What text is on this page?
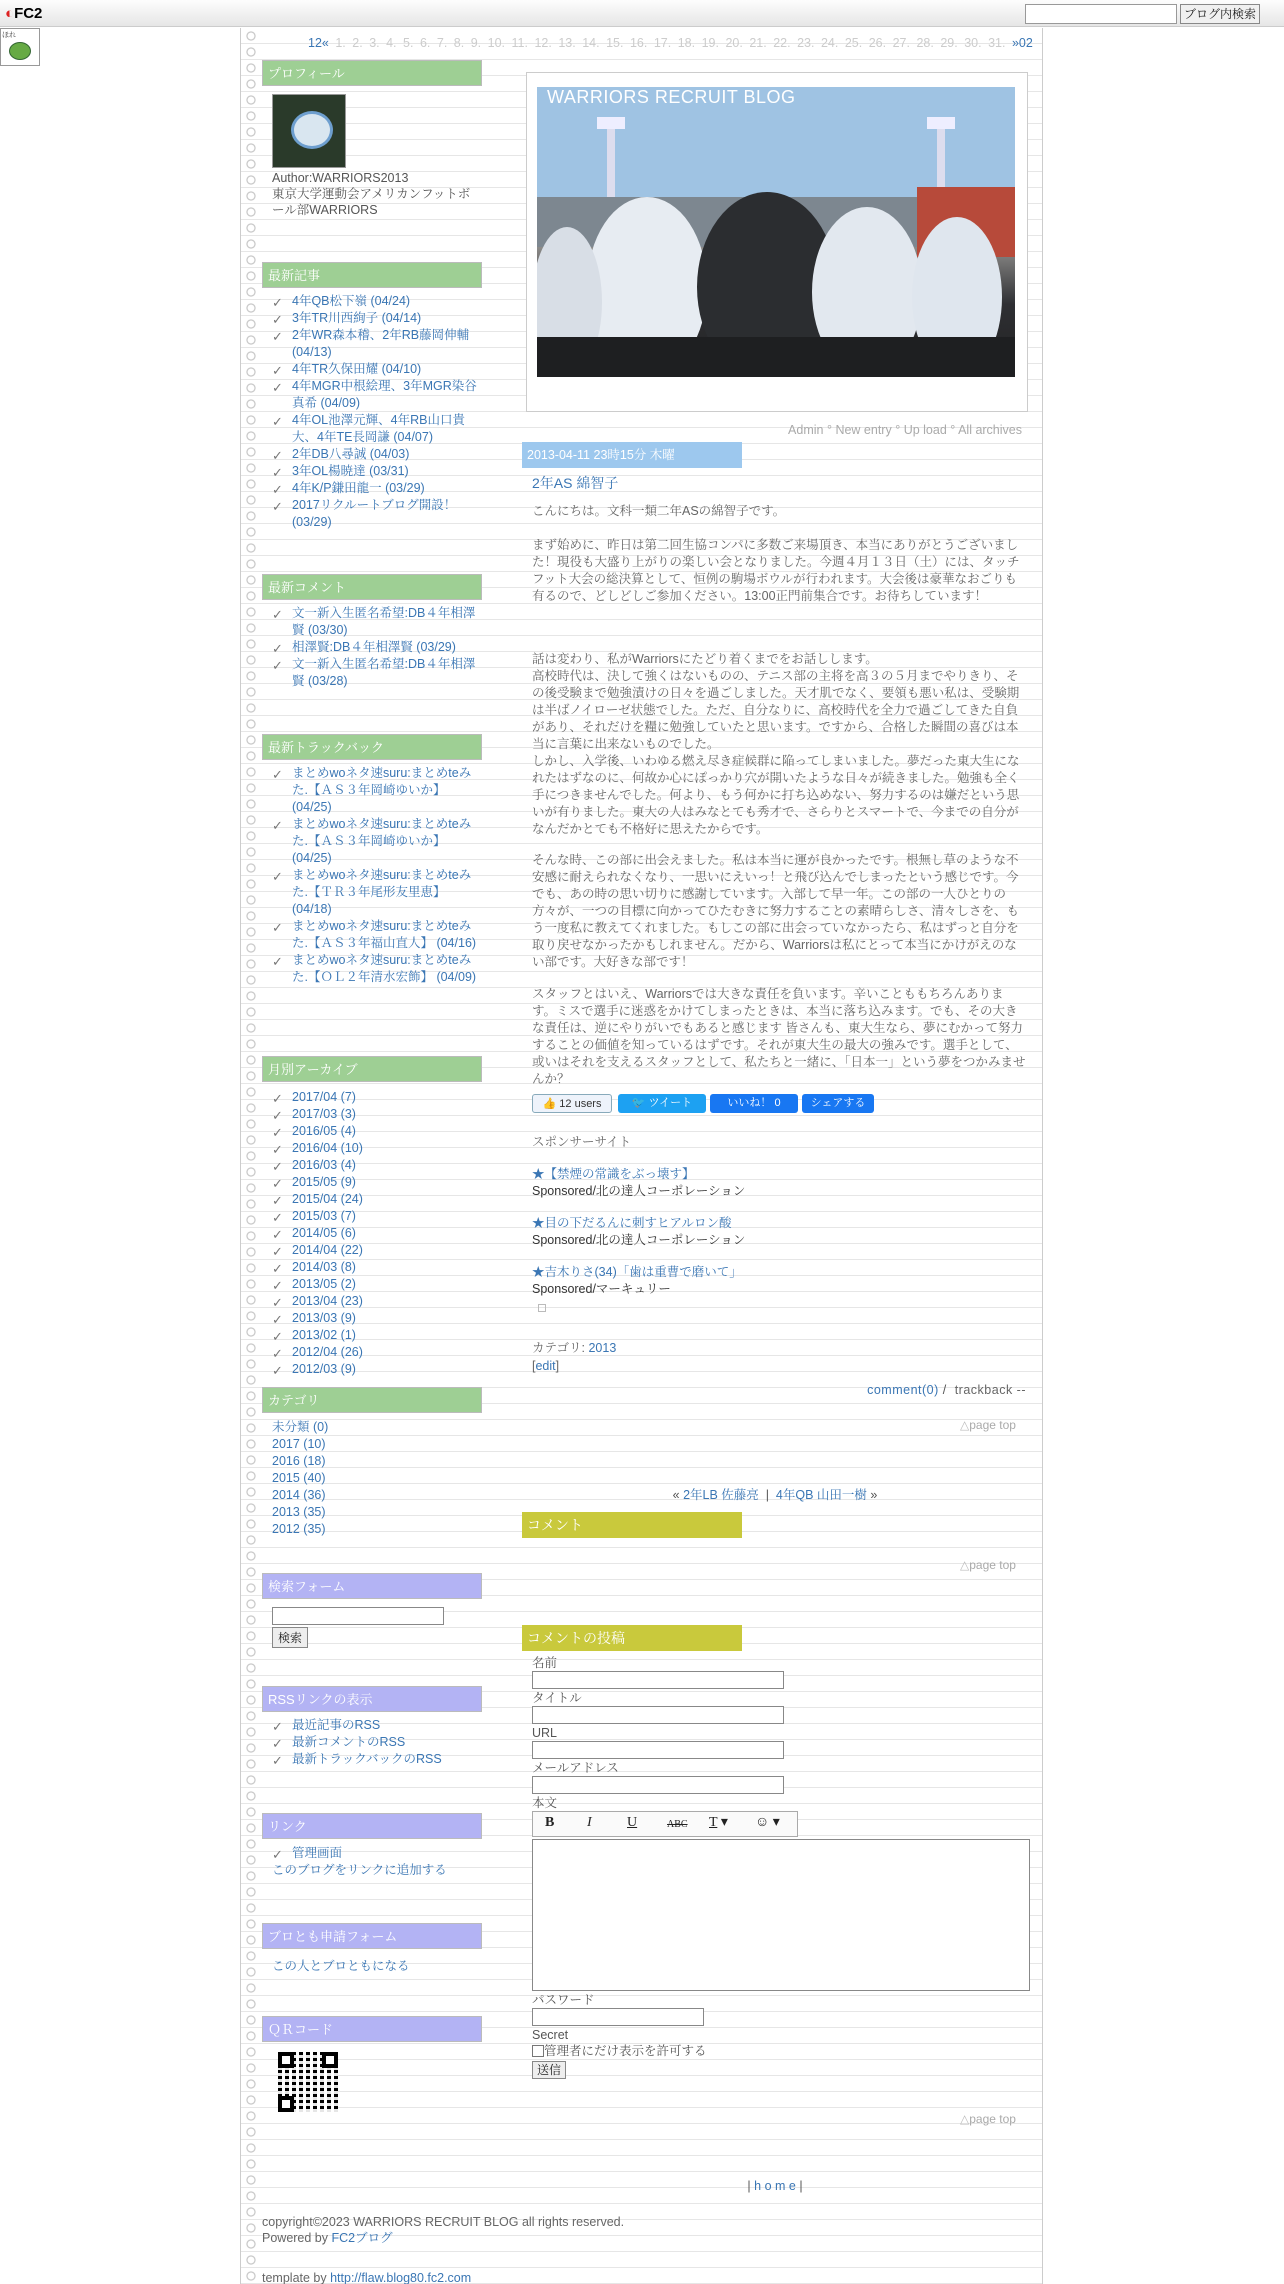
◐FC2	ブログ内検索
ほれ
12« 1. 2. 3. 4. 5. 6. 7. 8. 9. 10. 11. 12. 13. 14. 15. 16. 17. 18. 19. 20. 21. 22. 23. 24. 25. 26. 27. 28. 29. 30. 31. »02
WARRIORS RECRUIT BLOG
Admin ° New entry ° Up load ° All archives
プロフィール
Author:WARRIORS2013
東京大学運動会アメリカンフットボール部WARRIORS
最新記事
✓ 4年QB松下嶺 (04/24)
✓ 3年TR川西絢子 (04/14)
✓ 2年WR森本稽、2年RB藤岡伸輔 (04/13)
✓ 4年TR久保田耀 (04/10)
✓ 4年MGR中根絵理、3年MGR染谷真希 (04/09)
✓ 4年OL池澤元輝、4年RB山口貴大、4年TE長岡謙 (04/07)
✓ 2年DB八尋誠 (04/03)
✓ 3年OL楊暁達 (03/31)
✓ 4年K/P鎌田龍一 (03/29)
✓ 2017リクルートブログ開設！ (03/29)
最新コメント
✓ 文一新入生匿名希望:DB４年相澤賢 (03/30)
✓ 相澤賢:DB４年相澤賢 (03/29)
✓ 文一新入生匿名希望:DB４年相澤賢 (03/28)
最新トラックバック
✓ まとめwoネタ速suru:まとめteみた.【ＡＳ３年岡崎ゆいか】 (04/25)
✓ まとめwoネタ速suru:まとめteみた.【ＡＳ３年岡崎ゆいか】 (04/25)
✓ まとめwoネタ速suru:まとめteみた.【ＴＲ３年尾形友里恵】 (04/18)
✓ まとめwoネタ速suru:まとめteみた.【ＡＳ３年福山直人】 (04/16)
✓ まとめwoネタ速suru:まとめteみた.【ＯＬ２年清水宏飾】 (04/09)
月別アーカイブ
✓ 2017/04 (7)
✓ 2017/03 (3)
✓ 2016/05 (4)
✓ 2016/04 (10)
✓ 2016/03 (4)
✓ 2015/05 (9)
✓ 2015/04 (24)
✓ 2015/03 (7)
✓ 2014/05 (6)
✓ 2014/04 (22)
✓ 2014/03 (8)
✓ 2013/05 (2)
✓ 2013/04 (23)
✓ 2013/03 (9)
✓ 2013/02 (1)
✓ 2012/04 (26)
✓ 2012/03 (9)
カテゴリ
未分類 (0)
2017 (10)
2016 (18)
2015 (40)
2014 (36)
2013 (35)
2012 (35)
検索フォーム
検索
RSSリンクの表示
✓ 最近記事のRSS
✓ 最新コメントのRSS
✓ 最新トラックバックのRSS
リンク
✓ 管理画面
このブログをリンクに追加する
ブロとも申請フォーム
この人とブロともになる
ＱＲコード
2013-04-11 23時15分 木曜
2年AS 綿智子
こんにちは。文科一類二年ASの綿智子です。
まず始めに、昨日は第二回生協コンパに多数ご来場頂き、本当にありがとうございました！現役も大盛り上がりの楽しい会となりました。今週４月１３日（土）には、タッチフット大会の総決算として、恒例の駒場ボウルが行われます。大会後は豪華なおごりも有るので、どしどしご参加ください。13:00正門前集合です。お待ちしています！
話は変わり、私がWarriorsにたどり着くまでをお話しします。
高校時代は、決して強くはないものの、テニス部の主将を高３の５月までやりきり、その後受験まで勉強漬けの日々を過ごしました。天才肌でなく、要領も悪い私は、受験期は半ばノイローゼ状態でした。ただ、自分なりに、高校時代を全力で過ごしてきた自負があり、それだけを糧に勉強していたと思います。ですから、合格した瞬間の喜びは本当に言葉に出来ないものでした。
しかし、入学後、いわゆる燃え尽き症候群に陥ってしまいました。夢だった東大生になれたはずなのに、何故か心にぽっかり穴が開いたような日々が続きました。勉強も全く手につきませんでした。何より、もう何かに打ち込めない、努力するのは嫌だという思いが有りました。東大の人はみなとても秀才で、さらりとスマートで、今までの自分がなんだかとても不格好に思えたからです。
そんな時、この部に出会えました。私は本当に運が良かったです。根無し草のような不安感に耐えられなくなり、一思いにえいっ！と飛び込んでしまったという感じです。今でも、あの時の思い切りに感謝しています。入部して早一年。この部の一人ひとりの方々が、一つの目標に向かってひたむきに努力することの素晴らしさ、清々しさを、もう一度私に教えてくれました。もしこの部に出会っていなかったら、私はずっと自分を取り戻せなかったかもしれません。だから、Warriorsは私にとって本当にかけがえのない部です。大好きな部です！
スタッフとはいえ、Warriorsでは大きな責任を負います。辛いことももちろんあります。ミスで選手に迷惑をかけてしまったときは、本当に落ち込みます。でも、その大きな責任は、逆にやりがいでもあると感じます 皆さんも、東大生なら、夢にむかって努力することの価値を知っているはずです。それが東大生の最大の強みです。選手として、或いはそれを支えるスタッフとして、私たちと一緒に、「日本一」という夢をつかみませんか？
👍 12 users	🐦 ツイート	いいね！ 0	シェアする
スポンサーサイト
★【禁煙の常識をぶっ壊す】
Sponsored/北の達人コーポレーション
★目の下だるんに刺すヒアルロン酸
Sponsored/北の達人コーポレーション
★吉木りさ(34)「歯は重曹で磨いて」
Sponsored/マーキュリー
カテゴリ: 2013
[edit]
comment(0) /  trackback --
△page top
« 2年LB 佐藤亮  |  4年QB 山田一樹 »
コメント
△page top
コメントの投稿
名前
タイトル
URL
メールアドレス
本文
B I	U	ABC T ▾ ☺ ▾
パスワード
Secret
管理者にだけ表示を許可する
送信
△page top
| h o m e |
copyright©2023 WARRIORS RECRUIT BLOG all rights reserved.
Powered by FC2ブログ
template by http://flaw.blog80.fc2.com
